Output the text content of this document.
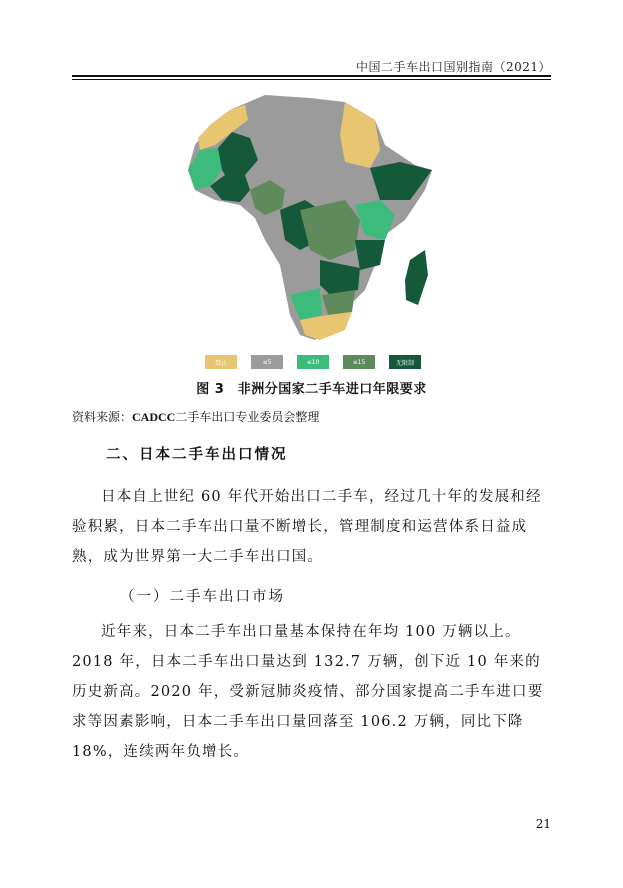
中国二手车出口国别指南（2021）
禁止	≤5	≤10	≤15	无限制
图 3　非洲分国家二手车进口年限要求
资料来源：CADCC二手车出口专业委员会整理
二、日本二手车出口情况

日本自上世纪 60 年代开始出口二手车，经过几十年的发展和经验积累，日本二手车出口量不断增长，管理制度和运营体系日益成熟，成为世界第一大二手车出口国。

（一）二手车出口市场

近年来，日本二手车出口量基本保持在年均 100 万辆以上。2018 年，日本二手车出口量达到 132.7 万辆，创下近 10 年来的历史新高。2020 年，受新冠肺炎疫情、部分国家提高二手车进口要求等因素影响，日本二手车出口量回落至 106.2 万辆，同比下降 18%，连续两年负增长。

21
